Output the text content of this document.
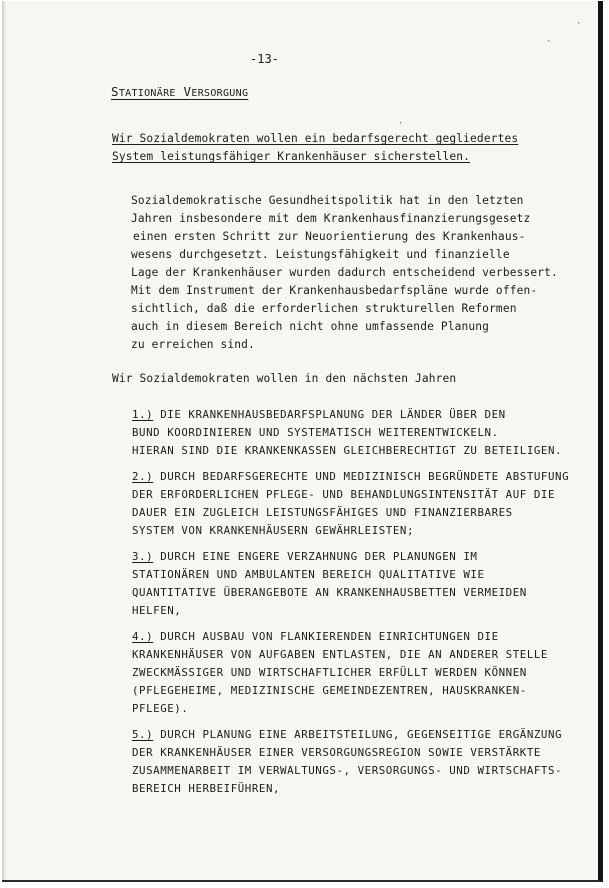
·
·
·
-13-
STATIONÄRE VERSORGUNG
Wir Sozialdemokraten wollen ein bedarfsgerecht gegliedertes
System leistungsfähiger Krankenhäuser sicherstellen.
Sozialdemokratische Gesundheitspolitik hat in den letzten
Jahren insbesondere mit dem Krankenhausfinanzierungsgesetz
einen ersten Schritt zur Neuorientierung des Krankenhaus-
wesens durchgesetzt. Leistungsfähigkeit und finanzielle
Lage der Krankenhäuser wurden dadurch entscheidend verbessert.
Mit dem Instrument der Krankenhausbedarfspläne wurde offen-
sichtlich, daß die erforderlichen strukturellen Reformen
auch in diesem Bereich nicht ohne umfassende Planung
zu erreichen sind.
Wir Sozialdemokraten wollen in den nächsten Jahren
1.) DIE KRANKENHAUSBEDARFSPLANUNG DER LÄNDER ÜBER DEN
BUND KOORDINIEREN UND SYSTEMATISCH WEITERENTWICKELN.
HIERAN SIND DIE KRANKENKASSEN GLEICHBERECHTIGT ZU BETEILIGEN.
2.) DURCH BEDARFSGERECHTE UND MEDIZINISCH BEGRÜNDETE ABSTUFUNG
DER ERFORDERLICHEN PFLEGE- UND BEHANDLUNGSINTENSITÄT AUF DIE
DAUER EIN ZUGLEICH LEISTUNGSFÄHIGES UND FINANZIERBARES
SYSTEM VON KRANKENHÄUSERN GEWÄHRLEISTEN;
3.) DURCH EINE ENGERE VERZAHNUNG DER PLANUNGEN IM
STATIONÄREN UND AMBULANTEN BEREICH QUALITATIVE WIE
QUANTITATIVE ÜBERANGEBOTE AN KRANKENHAUSBETTEN VERMEIDEN
HELFEN,
4.) DURCH AUSBAU VON FLANKIERENDEN EINRICHTUNGEN DIE
KRANKENHÄUSER VON AUFGABEN ENTLASTEN, DIE AN ANDERER STELLE
ZWECKMÄSSIGER UND WIRTSCHAFTLICHER ERFÜLLT WERDEN KÖNNEN
(PFLEGEHEIME, MEDIZINISCHE GEMEINDEZENTREN, HAUSKRANKEN-
PFLEGE).
5.) DURCH PLANUNG EINE ARBEITSTEILUNG, GEGENSEITIGE ERGÄNZUNG
DER KRANKENHÄUSER EINER VERSORGUNGSREGION SOWIE VERSTÄRKTE
ZUSAMMENARBEIT IM VERWALTUNGS-, VERSORGUNGS- UND WIRTSCHAFTS-
BEREICH HERBEIFÜHREN,
